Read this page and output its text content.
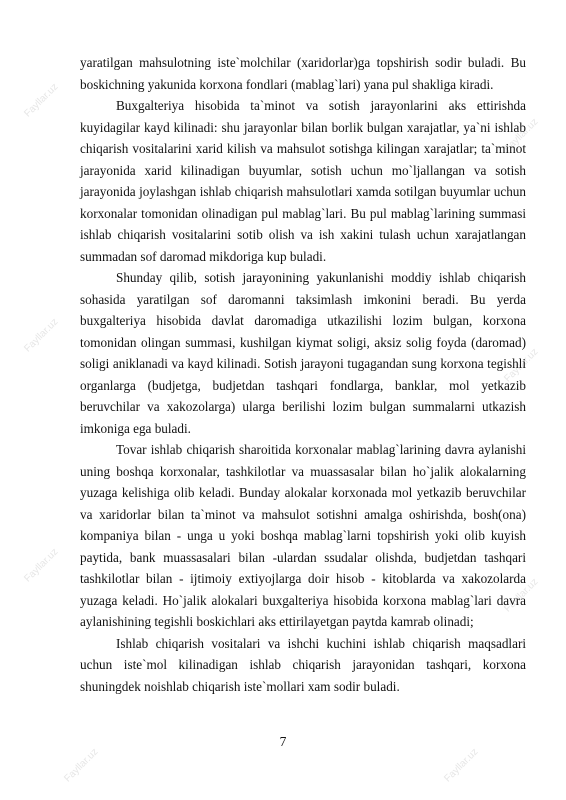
Fayllar.uz
Fayllar.uz
Fayllar.uz
Fayllar.uz
Fayllar.uz
Fayllar.uz
Fayllar.uz	Fayllar.uz

yaratilgan mahsulotning iste`molchilar (xaridorlar)ga topshirish sodir buladi. Bu boskichning yakunida korxona fondlari (mablag`lari) yana pul shakliga kiradi.

Buxgalteriya hisobida ta`minot va sotish jarayonlarini aks ettirishda kuyidagilar kayd kilinadi: shu jarayonlar bilan borlik bulgan xarajatlar, ya`ni ishlab chiqarish vositalarini xarid kilish va mahsulot sotishga kilingan xarajatlar; ta`minot jarayonida xarid kilinadigan buyumlar, sotish uchun mo`ljallangan va sotish jarayonida joylashgan ishlab chiqarish mahsulotlari xamda sotilgan buyumlar uchun korxonalar tomonidan olinadigan pul mablag`lari. Bu pul mablag`larining summasi ishlab chiqarish vositalarini sotib olish va ish xakini tulash uchun xarajatlangan summadan sof daromad mikdoriga kup buladi.

Shunday qilib, sotish jarayonining yakunlanishi moddiy ishlab chiqarish sohasida yaratilgan sof daromanni taksimlash imkonini beradi. Bu yerda buxgalteriya hisobida davlat daromadiga utkazilishi lozim bulgan, korxona tomonidan olingan summasi, kushilgan kiymat soligi, aksiz solig foyda (daromad) soligi aniklanadi va kayd kilinadi. Sotish jarayoni tugagandan sung korxona tegishli organlarga (budjetga, budjetdan tashqari fondlarga, banklar, mol yetkazib beruvchilar va xakozolarga) ularga berilishi lozim bulgan summalarni utkazish imkoniga ega buladi.

Tovar ishlab chiqarish sharoitida korxonalar mablag`larining davra aylanishi uning boshqa korxonalar, tashkilotlar va muassasalar bilan ho`jalik alokalarning yuzaga kelishiga olib keladi. Bunday alokalar korxonada mol yetkazib beruvchilar va xaridorlar bilan ta`minot va mahsulot sotishni amalga oshirishda, bosh(ona) kompaniya bilan - unga u yoki boshqa mablag`larni topshirish yoki olib kuyish paytida, bank muassasalari bilan -ulardan ssudalar olishda, budjetdan tashqari tashkilotlar bilan - ijtimoiy extiyojlarga doir hisob - kitoblarda va xakozolarda yuzaga keladi. Ho`jalik alokalari buxgalteriya hisobida korxona mablag`lari davra aylanishining tegishli boskichlari aks ettirilayetgan paytda kamrab olinadi;

Ishlab chiqarish vositalari va ishchi kuchini ishlab chiqarish maqsadlari uchun iste`mol kilinadigan ishlab chiqarish jarayonidan tashqari, korxona shuningdek noishlab chiqarish iste`mollari xam sodir buladi.

7
